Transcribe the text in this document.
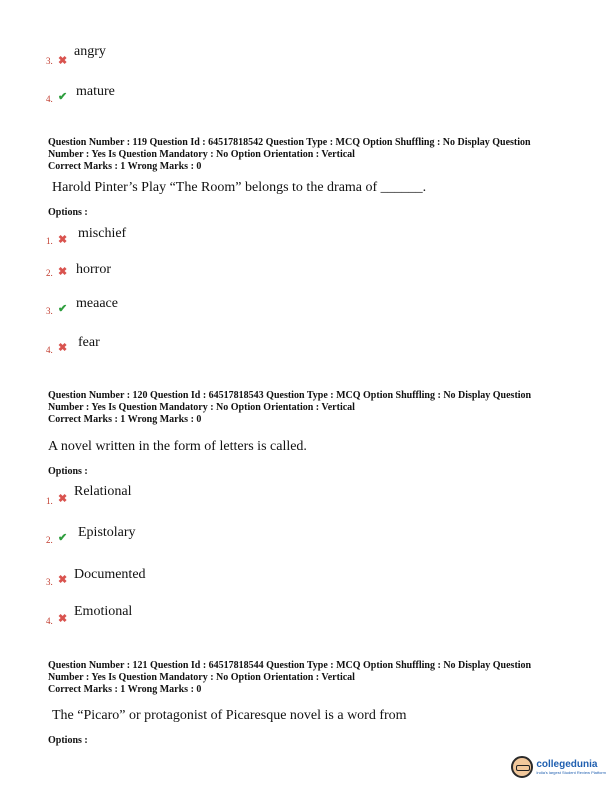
3. ✖
angry
4. ✔ mature
Question Number : 119 Question Id : 64517818542 Question Type : MCQ Option Shuffling : No Display Question
Number : Yes Is Question Mandatory : No Option Orientation : Vertical
Correct Marks : 1 Wrong Marks : 0
Harold Pinter’s Play “The Room” belongs to the drama of ______.
Options :
1. ✖ mischief
2. ✖ horror
3. ✔ meaace
4. ✖ fear
Question Number : 120 Question Id : 64517818543 Question Type : MCQ Option Shuffling : No Display Question
Number : Yes Is Question Mandatory : No Option Orientation : Vertical
Correct Marks : 1 Wrong Marks : 0
A novel written in the form of letters is called.
Options :
1. ✖ Relational
2. ✔ Epistolary
3. ✖ Documented
4. ✖ Emotional
Question Number : 121 Question Id : 64517818544 Question Type : MCQ Option Shuffling : No Display Question
Number : Yes Is Question Mandatory : No Option Orientation : Vertical
Correct Marks : 1 Wrong Marks : 0
The “Picaro” or protagonist of Picaresque novel is a word from
Options :
collegedunia
India's largest Student Review Platform
